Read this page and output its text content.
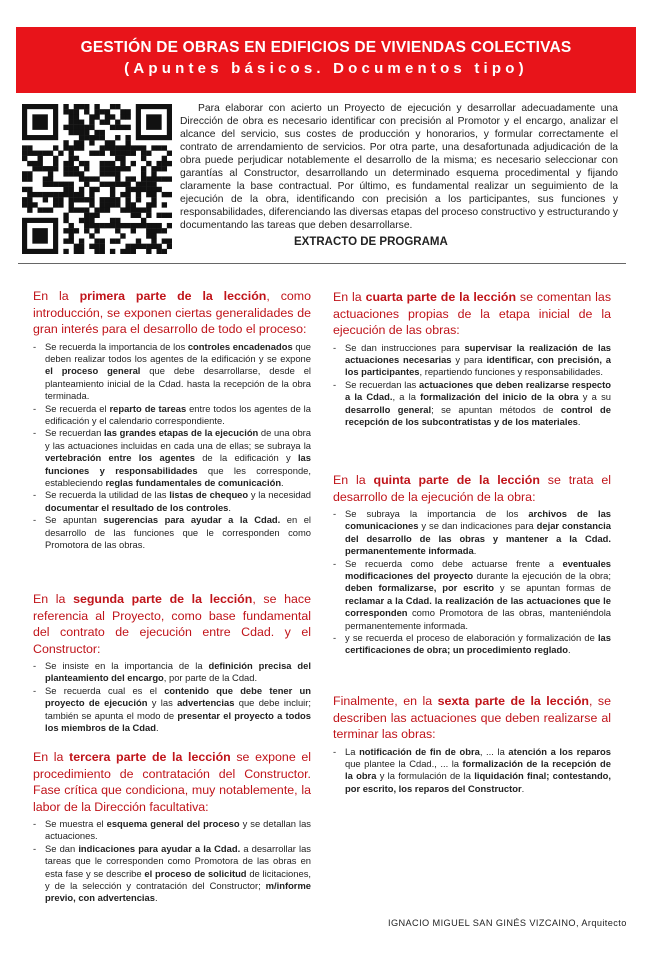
GESTIÓN DE OBRAS EN EDIFICIOS DE VIVIENDAS COLECTIVAS
(Apuntes básicos. Documentos tipo)
Para elaborar con acierto un Proyecto de ejecución y desarrollar adecuadamente una Dirección de obra es necesario identificar con precisión al Promotor y el encargo, analizar el alcance del servicio, sus costes de producción y honorarios, y formular correctamente el contrato de arrendamiento de servicios. Por otra parte, una desafortunada adjudicación de la obra puede perjudicar notablemente el desarrollo de la misma; es necesario seleccionar con garantías al Constructor, desarrollando un determinado esquema procedimental y fijando claramente la base contractual. Por último, es fundamental realizar un seguimiento de la ejecución de la obra, identificando con precisión a los participantes, sus funciones y responsabilidades, diferenciando las diversas etapas del proceso constructivo y estructurando y documentando las tareas que deben desarrollarse.
EXTRACTO DE PROGRAMA

En la primera parte de la lección, como introducción, se exponen ciertas generalidades de gran interés para el desarrollo de todo el proceso:

- Se recuerda la importancia de los controles encadenados que deben realizar todos los agentes de la edificación y se expone el proceso general que debe desarrollarse, desde el planteamiento inicial de la Cdad. hasta la recepción de la obra terminada.
- Se recuerda el reparto de tareas entre todos los agentes de la edificación y el calendario correspondiente.
- Se recuerdan las grandes etapas de la ejecución de una obra y las actuaciones incluidas en cada una de ellas; se subraya la vertebración entre los agentes de la edificación y las funciones y responsabilidades que les corresponde, estableciendo reglas fundamentales de comunicación.
- Se recuerda la utilidad de las listas de chequeo y la necesidad documentar el resultado de los controles.
- Se apuntan sugerencias para ayudar a la Cdad. en el desarrollo de las funciones que le corresponden como Promotora de las obras.

En la segunda parte de la lección, se hace referencia al Proyecto, como base fundamental del contrato de ejecución entre Cdad. y el Constructor:

- Se insiste en la importancia de la definición precisa del planteamiento del encargo, por parte de la Cdad.
- Se recuerda cual es el contenido que debe tener un proyecto de ejecución y las advertencias que debe incluir; también se apunta el modo de presentar el proyecto a todos los miembros de la Cdad.

En la tercera parte de la lección se expone el procedimiento de contratación del Constructor. Fase crítica que condiciona, muy notablemente, la labor de la Dirección facultativa:

- Se muestra el esquema general del proceso y se detallan las actuaciones.
- Se dan indicaciones para ayudar a la Cdad. a desarrollar las tareas que le corresponden como Promotora de las obras en esta fase y se describe el proceso de solicitud de licitaciones, y de la selección y contratación del Constructor; m/informe previo, con advertencias.

En la cuarta parte de la lección se comentan las actuaciones propias de la etapa inicial de la ejecución de las obras:

- Se dan instrucciones para supervisar la realización de las actuaciones necesarias y para identificar, con precisión, a los participantes, repartiendo funciones y responsabilidades.
- Se recuerdan las actuaciones que deben realizarse respecto a la Cdad., a la formalización del inicio de la obra y a su desarrollo general; se apuntan métodos de control de recepción de los subcontratistas y de los materiales.

En la quinta parte de la lección se trata el desarrollo de la ejecución de la obra:

- Se subraya la importancia de los archivos de las comunicaciones y se dan indicaciones para dejar constancia del desarrollo de las obras y mantener a la Cdad. permanentemente informada.
- Se recuerda como debe actuarse frente a eventuales modificaciones del proyecto durante la ejecución de la obra; deben formalizarse, por escrito y se apuntan formas de reclamar a la Cdad. la realización de las actuaciones que le corresponden como Promotora de las obras, manteniéndola permanentemente informada.
- y se recuerda el proceso de elaboración y formalización de las certificaciones de obra; un procedimiento reglado.

Finalmente, en la sexta parte de la lección, se describen las actuaciones que deben realizarse al terminar las obras:

- La notificación de fin de obra, ... la atención a los reparos que plantee la Cdad., ... la formalización de la recepción de la obra y la formulación de la liquidación final; contestando, por escrito, los reparos del Constructor.
IGNACIO MIGUEL SAN GINÉS VIZCAINO, Arquitecto
